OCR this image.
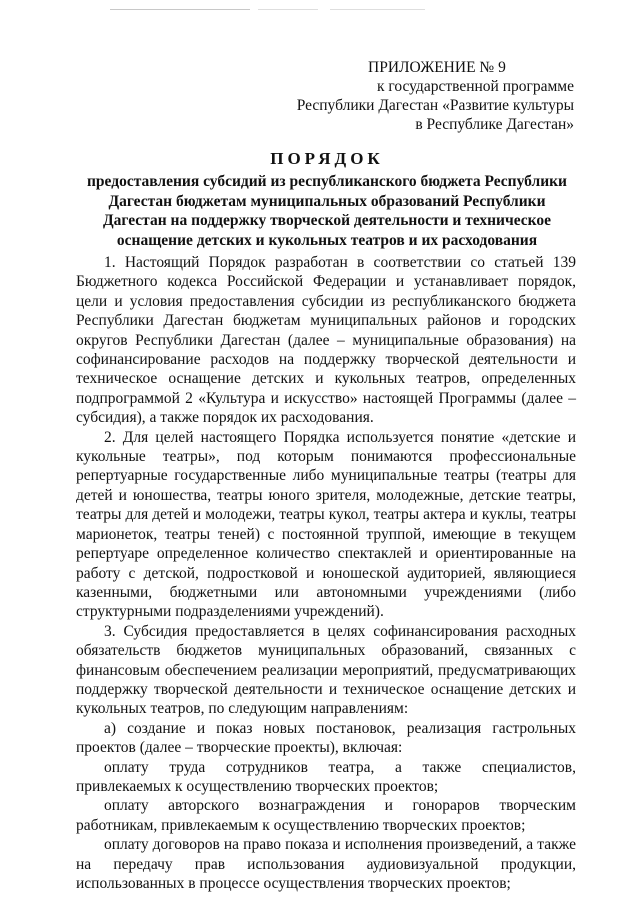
ПРИЛОЖЕНИЕ № 9
к государственной программе
Республики Дагестан «Развитие культуры
в Республике Дагестан»
ПОРЯДОК
предоставления субсидий из республиканского бюджета Республики
Дагестан бюджетам муниципальных образований Республики
Дагестан на поддержку творческой деятельности и техническое
оснащение детских и кукольных театров и их расходования
1. Настоящий Порядок разработан в соответствии со статьей 139
Бюджетного кодекса Российской Федерации и устанавливает порядок,
цели и условия предоставления субсидии из республиканского бюджета
Республики Дагестан бюджетам муниципальных районов и городских
округов Республики Дагестан (далее – муниципальные образования) на
софинансирование расходов на поддержку творческой деятельности и
техническое оснащение детских и кукольных театров, определенных
подпрограммой 2 «Культура и искусство» настоящей Программы (далее –
субсидия), а также порядок их расходования.
2. Для целей настоящего Порядка используется понятие «детские и
кукольные театры», под которым понимаются профессиональные
репертуарные государственные либо муниципальные театры (театры для
детей и юношества, театры юного зрителя, молодежные, детские театры,
театры для детей и молодежи, театры кукол, театры актера и куклы, театры
марионеток, театры теней) с постоянной труппой, имеющие в текущем
репертуаре определенное количество спектаклей и ориентированные на
работу с детской, подростковой и юношеской аудиторией, являющиеся
казенными, бюджетными или автономными учреждениями (либо
структурными подразделениями учреждений).
3. Субсидия предоставляется в целях софинансирования расходных
обязательств бюджетов муниципальных образований, связанных с
финансовым обеспечением реализации мероприятий, предусматривающих
поддержку творческой деятельности и техническое оснащение детских и
кукольных театров, по следующим направлениям:
а) создание и показ новых постановок, реализация гастрольных
проектов (далее – творческие проекты), включая:
оплату труда сотрудников театра, а также специалистов,
привлекаемых к осуществлению творческих проектов;
оплату авторского вознаграждения и гонораров творческим
работникам, привлекаемым к осуществлению творческих проектов;
оплату договоров на право показа и исполнения произведений, а также
на передачу прав использования аудиовизуальной продукции,
использованных в процессе осуществления творческих проектов;
